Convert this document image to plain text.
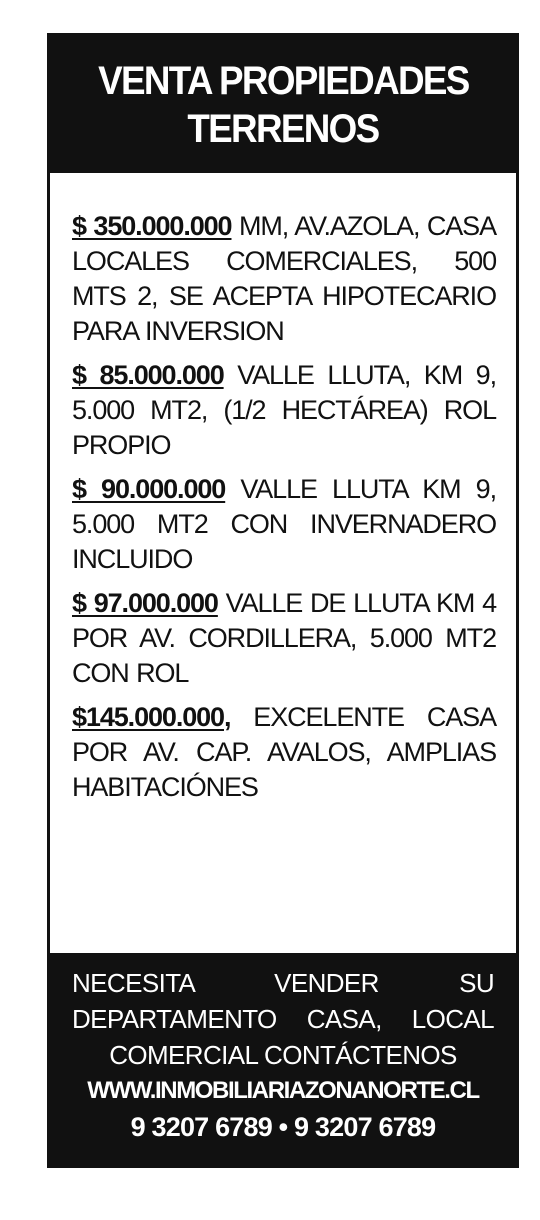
VENTA PROPIEDADES
TERRENOS
$ 350.000.000 MM, AV.AZOLA, CASA LOCALES COMERCIALES, 500 MTS 2, SE ACEPTA HIPOTECARIO PARA INVERSION
$ 85.000.000 VALLE LLUTA, KM 9, 5.000 MT2, (1/2 HECTÁREA) ROL PROPIO
$ 90.000.000 VALLE LLUTA KM 9, 5.000 MT2 CON INVERNADERO INCLUIDO
$ 97.000.000 VALLE DE LLUTA KM 4 POR AV. CORDILLERA, 5.000 MT2 CON ROL
$145.000.000, EXCELENTE CASA POR AV. CAP. AVALOS, AMPLIAS HABITACIÓNES
NECESITA VENDER SU
DEPARTAMENTO CASA, LOCAL
COMERCIAL CONTÁCTENOS
WWW.INMOBILIARIAZONANORTE.CL
9 3207 6789 • 9 3207 6789
